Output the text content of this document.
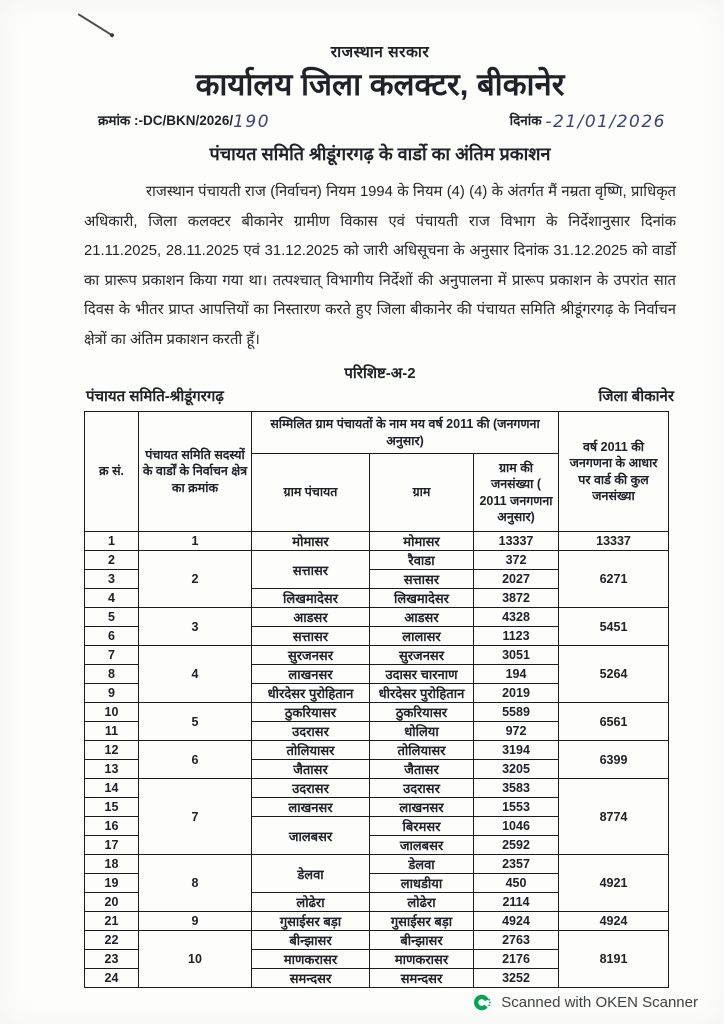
राजस्थान सरकार
कार्यालय जिला कलक्टर, बीकानेर
क्रमांक :-DC/BKN/2026/190	दिनांक -21/01/2026
पंचायत समिति श्रीडूंगरगढ़ के वार्डो का अंतिम प्रकाशन
राजस्थान पंचायती राज (निर्वाचन) नियम 1994 के नियम (4) (4) के अंतर्गत मैं नम्रता वृष्णि, प्राधिकृत अधिकारी, जिला कलक्टर बीकानेर ग्रामीण विकास एवं पंचायती राज विभाग के निर्देशानुसार दिनांक 21.11.2025, 28.11.2025 एवं 31.12.2025 को जारी अधिसूचना के अनुसार दिनांक 31.12.2025 को वार्डो का प्रारूप प्रकाशन किया गया था। तत्पश्चात् विभागीय निर्देशों की अनुपालना में प्रारूप प्रकाशन के उपरांत सात दिवस के भीतर प्राप्त आपत्तियों का निस्तारण करते हुए जिला बीकानेर की पंचायत समिति श्रीडूंगरगढ़ के निर्वाचन क्षेत्रों का अंतिम प्रकाशन करती हूँ।
परिशिष्ट-अ-2
पंचायत समिति-श्रीडूंगरगढ़	जिला बीकानेर
क्र सं.	पंचायत समिति सदस्यों के वार्डों के निर्वाचन क्षेत्र का क्रमांक	सम्मिलित ग्राम पंचायतों के नाम मय वर्ष 2011 की (जनगणना अनुसार)			वर्ष 2011 की जनगणना के आधार पर वार्ड की कुल जनसंख्या
		ग्राम पंचायत	ग्राम	ग्राम की जनसंख्या ( 2011 जनगणना अनुसार)	
1	1	मोमासर	मोमासर	13337	13337
2	2	सत्तासर	रैवाडा	372	6271
3			सत्तासर	2027	
4		लिखमादेसर	लिखमादेसर	3872	
5	3	आडसर	आडसर	4328	5451
6		सत्तासर	लालासर	1123	
7	4	सुरजनसर	सुरजनसर	3051	5264
8		लाखनसर	उदासर चारनाण	194	
9		धीरदेसर पुरोहितान	धीरदेसर पुरोहितान	2019	
10	5	ठुकरियासर	ठुकरियासर	5589	6561
11		उदरासर	धोलिया	972	
12	6	तोलियासर	तोलियासर	3194	6399
13		जैतासर	जैतासर	3205	
14	7	उदरासर	उदरासर	3583	8774
15		लाखनसर	लाखनसर	1553	
16		जालबसर	बिरमसर	1046	
17			जालबसर	2592	
18	8	डेलवा	डेलवा	2357	4921
19			लाधडीया	450	
20		लोढेरा	लोढेरा	2114	
21	9	गुसाईसर बड़ा	गुसाईसर बड़ा	4924	4924
22	10	बीन्झासर	बीन्झासर	2763	8191
23		माणकरासर	माणकरासर	2176	
24		समन्दसर	समन्दसर	3252	
Scanned with OKEN Scanner
